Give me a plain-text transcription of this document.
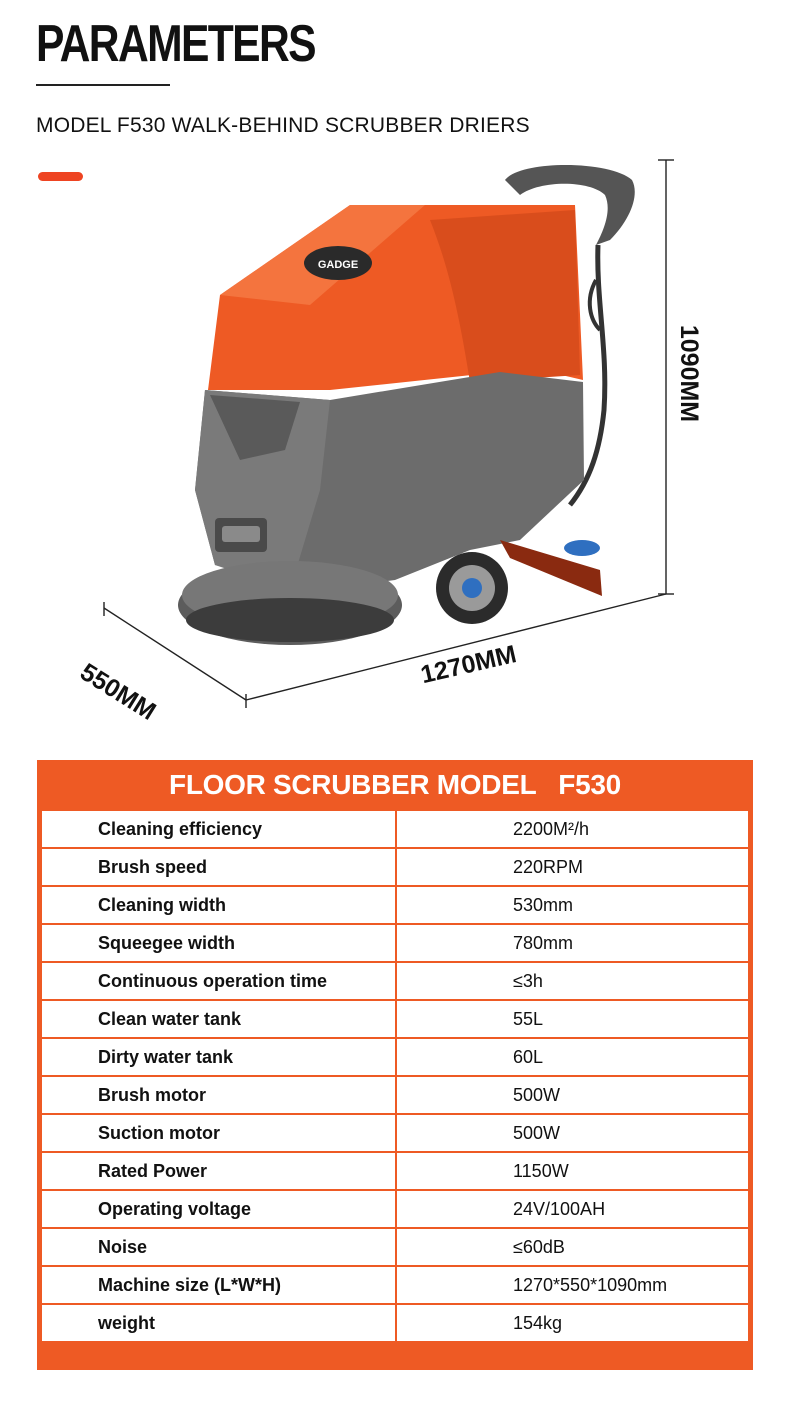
PARAMETERS
MODEL F530 WALK-BEHIND SCRUBBER DRIERS
GADGE
1090MM
550MM	1270MM
FLOOR SCRUBBER MODEL   F530
Cleaning efficiency	2200M²/h
Brush speed	220RPM
Cleaning width	530mm
Squeegee width	780mm
Continuous operation time	≤3h
Clean water tank	55L
Dirty water tank	60L
Brush motor	500W
Suction motor	500W
Rated Power	1150W
Operating voltage	24V/100AH
Noise	≤60dB
Machine size (L*W*H)	1270*550*1090mm
weight	154kg
